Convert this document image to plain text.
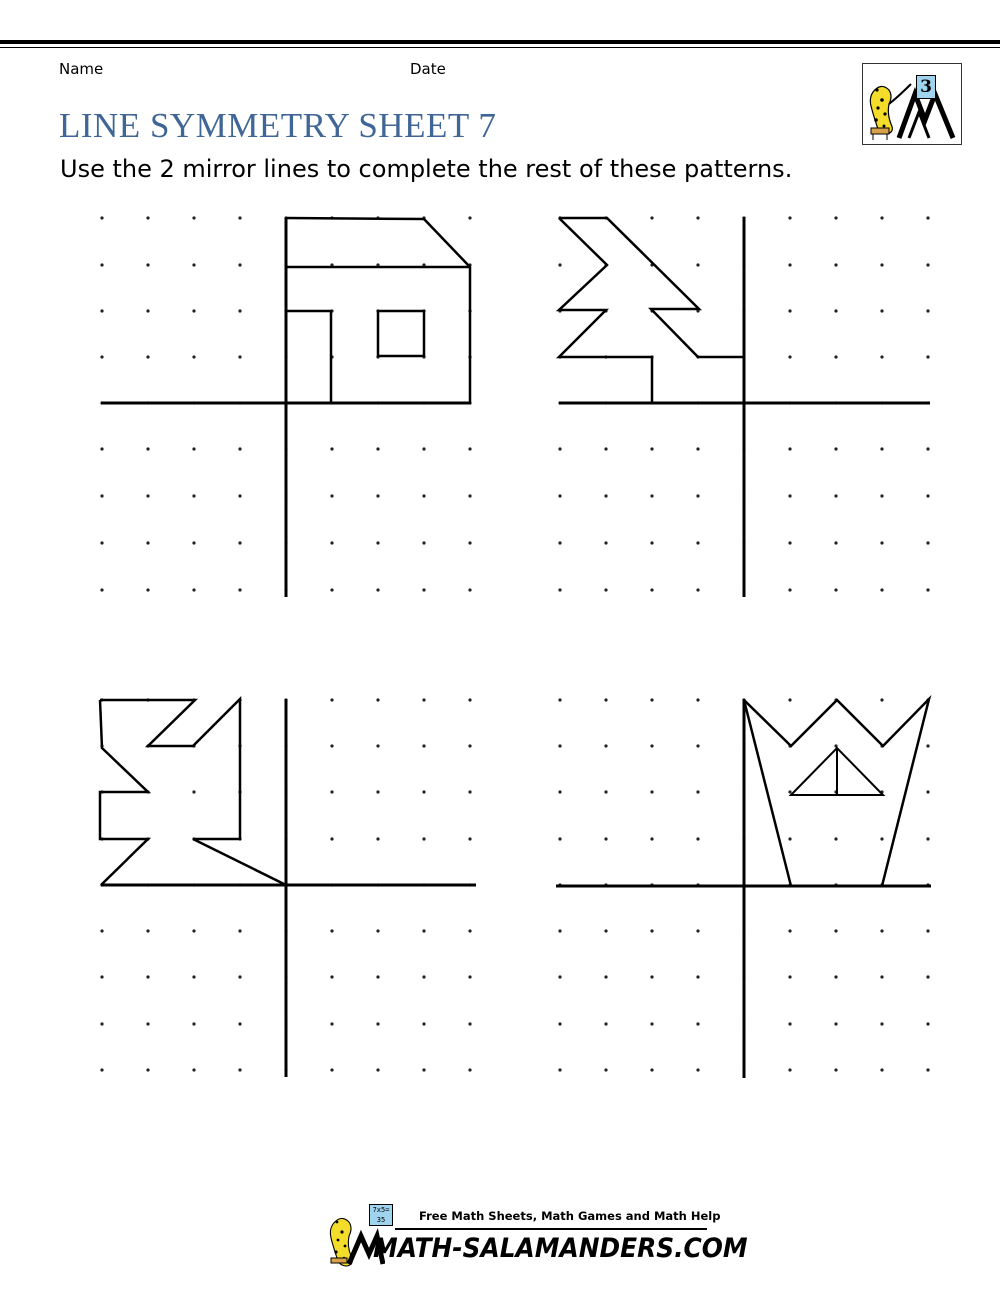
Name	Date
LINE SYMMETRY SHEET 7
Use the 2 mirror lines to complete the rest of these patterns.
3
7x5=
35	Free Math Sheets, Math Games and Math Help
MATH-SALAMANDERS.COM
